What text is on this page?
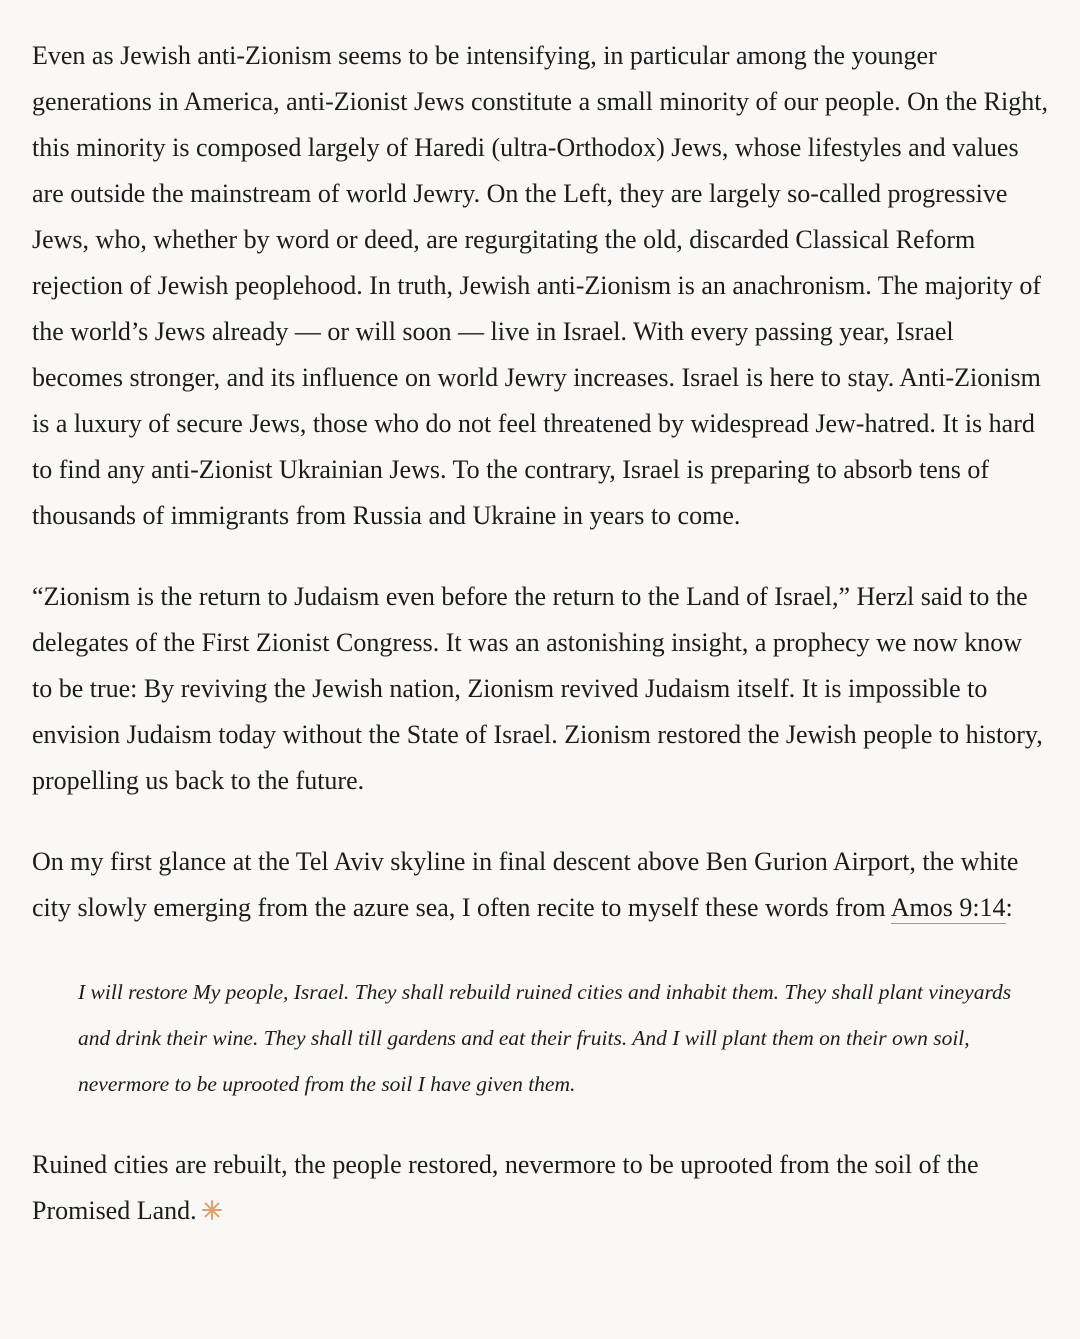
Even as Jewish anti-Zionism seems to be intensifying, in particular among the younger generations in America, anti-Zionist Jews constitute a small minority of our people. On the Right, this minority is composed largely of Haredi (ultra-Orthodox) Jews, whose lifestyles and values are outside the mainstream of world Jewry. On the Left, they are largely so-called progressive Jews, who, whether by word or deed, are regurgitating the old, discarded Classical Reform rejection of Jewish peoplehood. In truth, Jewish anti-Zionism is an anachronism. The majority of the world’s Jews already — or will soon — live in Israel. With every passing year, Israel becomes stronger, and its influence on world Jewry increases. Israel is here to stay. Anti-Zionism is a luxury of secure Jews, those who do not feel threatened by widespread Jew-hatred. It is hard to find any anti-Zionist Ukrainian Jews. To the contrary, Israel is preparing to absorb tens of thousands of immigrants from Russia and Ukraine in years to come.

“Zionism is the return to Judaism even before the return to the Land of Israel,” Herzl said to the delegates of the First Zionist Congress. It was an astonishing insight, a prophecy we now know to be true: By reviving the Jewish nation, Zionism revived Judaism itself. It is impossible to envision Judaism today without the State of Israel. Zionism restored the Jewish people to history, propelling us back to the future.

On my first glance at the Tel Aviv skyline in final descent above Ben Gurion Airport, the white city slowly emerging from the azure sea, I often recite to myself these words from Amos 9:14:

I will restore My people, Israel. They shall rebuild ruined cities and inhabit them. They shall plant vineyards and drink their wine. They shall till gardens and eat their fruits. And I will plant them on their own soil, nevermore to be uprooted from the soil I have given them.

Ruined cities are rebuilt, the people restored, nevermore to be uprooted from the soil of the Promised Land.
